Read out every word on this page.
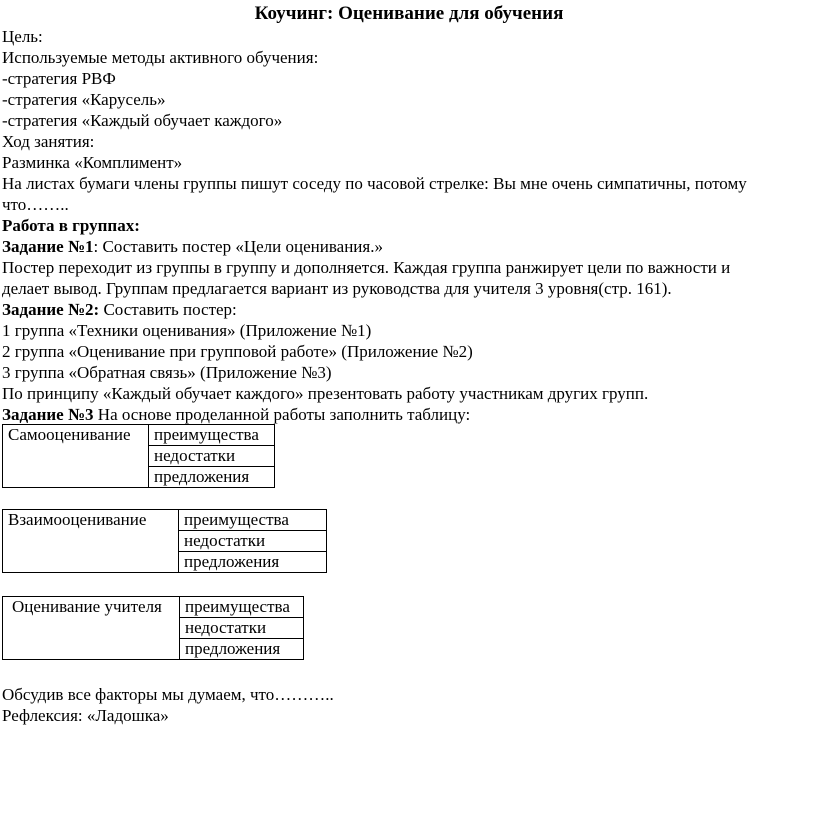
Коучинг: Оценивание для обучения
Цель:
Используемые методы активного обучения:
-стратегия РВФ
-стратегия «Карусель»
-стратегия «Каждый обучает каждого»
Ход занятия:
Разминка «Комплимент»
На листах бумаги члены группы пишут соседу по часовой стрелке: Вы мне очень симпатичны, потому
что……..
Работа в группах:
Задание №1: Составить постер «Цели оценивания.»
Постер переходит из группы в группу и дополняется. Каждая группа ранжирует цели по важности и
делает вывод. Группам предлагается вариант из руководства для учителя 3 уровня(стр. 161).
Задание №2: Составить постер:
1 группа «Техники оценивания» (Приложение №1)
2 группа «Оценивание при групповой работе» (Приложение №2)
3 группа «Обратная связь» (Приложение №3)
По принципу «Каждый обучает каждого» презентовать работу участникам других групп.
Задание №3 На основе проделанной работы заполнить таблицу:
Самооценивание	преимущества
недостатки
предложения
Взаимооценивание	преимущества
недостатки
предложения
Оценивание учителя	преимущества
недостатки
предложения
Обсудив все факторы мы думаем, что………..
Рефлексия: «Ладошка»
